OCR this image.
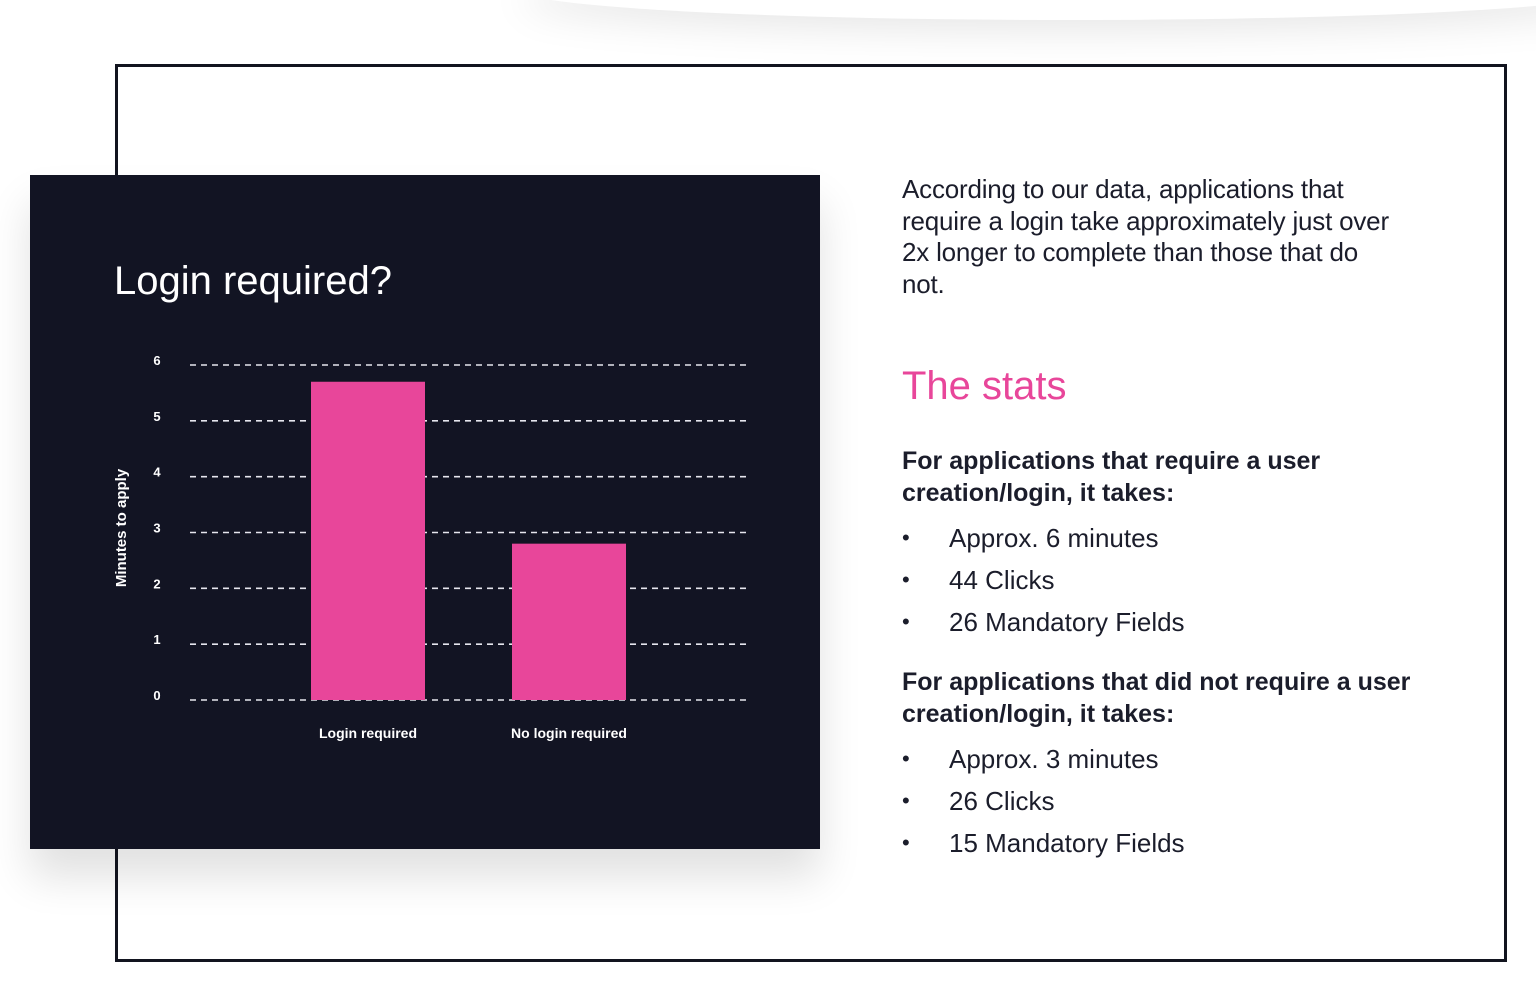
Login required?
Minutes to apply
0
1
2
3
4
5
6
Login required	No login required

According to our data, applications that require a login take approximately just over 2x longer to complete than those that do not.

The stats

For applications that require a user creation/login, it takes:

• Approx. 6 minutes
• 44 Clicks
• 26 Mandatory Fields

For applications that did not require a user creation/login, it takes:

• Approx. 3 minutes
• 26 Clicks
• 15 Mandatory Fields
